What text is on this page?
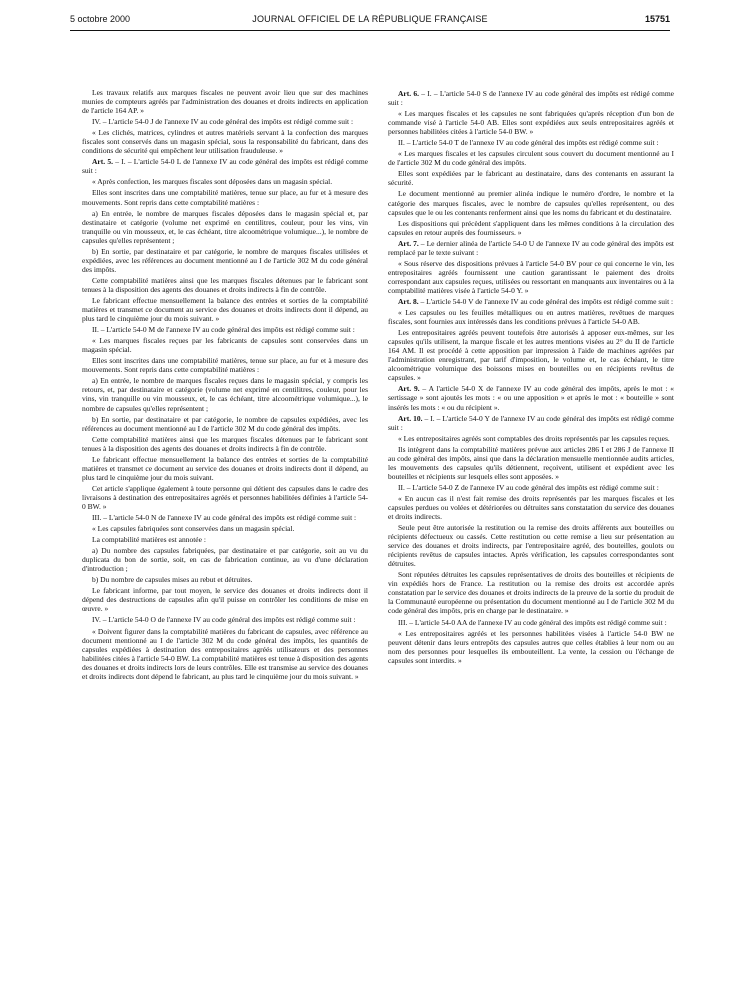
5 octobre 2000	JOURNAL OFFICIEL DE LA RÉPUBLIQUE FRANÇAISE	15751

Les travaux relatifs aux marques fiscales ne peuvent avoir lieu que sur des machines munies de compteurs agréés par l'administration des douanes et droits indirects en application de l'article 164 AP. »

IV. – L'article 54-0 J de l'annexe IV au code général des impôts est rédigé comme suit :

« Les clichés, matrices, cylindres et autres matériels servant à la confection des marques fiscales sont conservés dans un magasin spécial, sous la responsabilité du fabricant, dans des conditions de sécurité qui empêchent leur utilisation frauduleuse. »

Art. 5. – I. – L'article 54-0 L de l'annexe IV au code général des impôts est rédigé comme suit :

« Après confection, les marques fiscales sont déposées dans un magasin spécial.

Elles sont inscrites dans une comptabilité matières, tenue sur place, au fur et à mesure des mouvements. Sont repris dans cette comptabilité matières :

a) En entrée, le nombre de marques fiscales déposées dans le magasin spécial et, par destinataire et catégorie (volume net exprimé en centilitres, couleur, pour les vins, vin tranquille ou vin mousseux, et, le cas échéant, titre alcoométrique volumique...), le nombre de capsules qu'elles représentent ;

b) En sortie, par destinataire et par catégorie, le nombre de marques fiscales utilisées et expédiées, avec les références au document mentionné au I de l'article 302 M du code général des impôts.

Cette comptabilité matières ainsi que les marques fiscales détenues par le fabricant sont tenues à la disposition des agents des douanes et droits indirects à fin de contrôle.

Le fabricant effectue mensuellement la balance des entrées et sorties de la comptabilité matières et transmet ce document au service des douanes et droits indirects dont il dépend, au plus tard le cinquième jour du mois suivant. »

II. – L'article 54-0 M de l'annexe IV au code général des impôts est rédigé comme suit :

« Les marques fiscales reçues par les fabricants de capsules sont conservées dans un magasin spécial.

Elles sont inscrites dans une comptabilité matières, tenue sur place, au fur et à mesure des mouvements. Sont repris dans cette comptabilité matières :

a) En entrée, le nombre de marques fiscales reçues dans le magasin spécial, y compris les retours, et, par destinataire et catégorie (volume net exprimé en centilitres, couleur, pour les vins, vin tranquille ou vin mousseux, et, le cas échéant, titre alcoométrique volumique...), le nombre de capsules qu'elles représentent ;

b) En sortie, par destinataire et par catégorie, le nombre de capsules expédiées, avec les références au document mentionné au I de l'article 302 M du code général des impôts.

Cette comptabilité matières ainsi que les marques fiscales détenues par le fabricant sont tenues à la disposition des agents des douanes et droits indirects à fin de contrôle.

Le fabricant effectue mensuellement la balance des entrées et sorties de la comptabilité matières et transmet ce document au service des douanes et droits indirects dont il dépend, au plus tard le cinquième jour du mois suivant.

Cet article s'applique également à toute personne qui détient des capsules dans le cadre des livraisons à destination des entrepositaires agréés et personnes habilitées définies à l'article 54-0 BW. »

III. – L'article 54-0 N de l'annexe IV au code général des impôts est rédigé comme suit :

« Les capsules fabriquées sont conservées dans un magasin spécial.

La comptabilité matières est annotée :

a) Du nombre des capsules fabriquées, par destinataire et par catégorie, soit au vu du duplicata du bon de sortie, soit, en cas de fabrication continue, au vu d'une déclaration d'introduction ;

b) Du nombre de capsules mises au rebut et détruites.

Le fabricant informe, par tout moyen, le service des douanes et droits indirects dont il dépend des destructions de capsules afin qu'il puisse en contrôler les conditions de mise en œuvre. »

IV. – L'article 54-0 O de l'annexe IV au code général des impôts est rédigé comme suit :

« Doivent figurer dans la comptabilité matières du fabricant de capsules, avec référence au document mentionné au I de l'article 302 M du code général des impôts, les quantités de capsules expédiées à destination des entrepositaires agréés utilisateurs et des personnes habilitées citées à l'article 54-0 BW. La comptabilité matières est tenue à disposition des agents des douanes et droits indirects lors de leurs contrôles. Elle est transmise au service des douanes et droits indirects dont dépend le fabricant, au plus tard le cinquième jour du mois suivant. »

Art. 6. – I. – L'article 54-0 S de l'annexe IV au code général des impôts est rédigé comme suit :

« Les marques fiscales et les capsules ne sont fabriquées qu'après réception d'un bon de commande visé à l'article 54-0 AB. Elles sont expédiées aux seuls entrepositaires agréés et personnes habilitées citées à l'article 54-0 BW. »

II. – L'article 54-0 T de l'annexe IV au code général des impôts est rédigé comme suit :

« Les marques fiscales et les capsules circulent sous couvert du document mentionné au I de l'article 302 M du code général des impôts.

Elles sont expédiées par le fabricant au destinataire, dans des contenants en assurant la sécurité.

Le document mentionné au premier alinéa indique le numéro d'ordre, le nombre et la catégorie des marques fiscales, avec le nombre de capsules qu'elles représentent, ou des capsules que le ou les contenants renferment ainsi que les noms du fabricant et du destinataire.

Les dispositions qui précèdent s'appliquent dans les mêmes conditions à la circulation des capsules en retour auprès des fournisseurs. »

Art. 7. – Le dernier alinéa de l'article 54-0 U de l'annexe IV au code général des impôts est remplacé par le texte suivant :

« Sous réserve des dispositions prévues à l'article 54-0 BV pour ce qui concerne le vin, les entrepositaires agréés fournissent une caution garantissant le paiement des droits correspondant aux capsules reçues, utilisées ou ressortant en manquants aux inventaires ou à la comptabilité matières visée à l'article 54-0 Y. »

Art. 8. – L'article 54-0 V de l'annexe IV au code général des impôts est rédigé comme suit :

« Les capsules ou les feuilles métalliques ou en autres matières, revêtues de marques fiscales, sont fournies aux intéressés dans les conditions prévues à l'article 54-0 AB.

Les entrepositaires agréés peuvent toutefois être autorisés à apposer eux-mêmes, sur les capsules qu'ils utilisent, la marque fiscale et les autres mentions visées au 2° du II de l'article 164 AM. Il est procédé à cette apposition par impression à l'aide de machines agréées par l'administration enregistrant, par tarif d'imposition, le volume et, le cas échéant, le titre alcoométrique volumique des boissons mises en bouteilles ou en récipients revêtus de capsules. »

Art. 9. – A l'article 54-0 X de l'annexe IV au code général des impôts, après le mot : « sertissage » sont ajoutés les mots : « ou une apposition » et après le mot : « bouteille » sont insérés les mots : « ou du récipient ».

Art. 10. – I. – L'article 54-0 Y de l'annexe IV au code général des impôts est rédigé comme suit :

« Les entrepositaires agréés sont comptables des droits représentés par les capsules reçues.

Ils intègrent dans la comptabilité matières prévue aux articles 286 I et 286 J de l'annexe II au code général des impôts, ainsi que dans la déclaration mensuelle mentionnée audits articles, les mouvements des capsules qu'ils détiennent, reçoivent, utilisent et expédient avec les bouteilles et récipients sur lesquels elles sont apposées. »

II. – L'article 54-0 Z de l'annexe IV au code général des impôts est rédigé comme suit :

« En aucun cas il n'est fait remise des droits représentés par les marques fiscales et les capsules perdues ou volées et détériorées ou détruites sans constatation du service des douanes et droits indirects.

Seule peut être autorisée la restitution ou la remise des droits afférents aux bouteilles ou récipients défectueux ou cassés. Cette restitution ou cette remise a lieu sur présentation au service des douanes et droits indirects, par l'entrepositaire agréé, des bouteilles, goulots ou récipients revêtus de capsules intactes. Après vérification, les capsules correspondantes sont détruites.

Sont réputées détruites les capsules représentatives de droits des bouteilles et récipients de vin expédiés hors de France. La restitution ou la remise des droits est accordée après constatation par le service des douanes et droits indirects de la preuve de la sortie du produit de la Communauté européenne ou présentation du document mentionné au I de l'article 302 M du code général des impôts, pris en charge par le destinataire. »

III. – L'article 54-0 AA de l'annexe IV au code général des impôts est rédigé comme suit :

« Les entrepositaires agréés et les personnes habilitées visées à l'article 54-0 BW ne peuvent détenir dans leurs entrepôts des capsules autres que celles établies à leur nom ou au nom des personnes pour lesquelles ils embouteillent. La vente, la cession ou l'échange de capsules sont interdits. »
